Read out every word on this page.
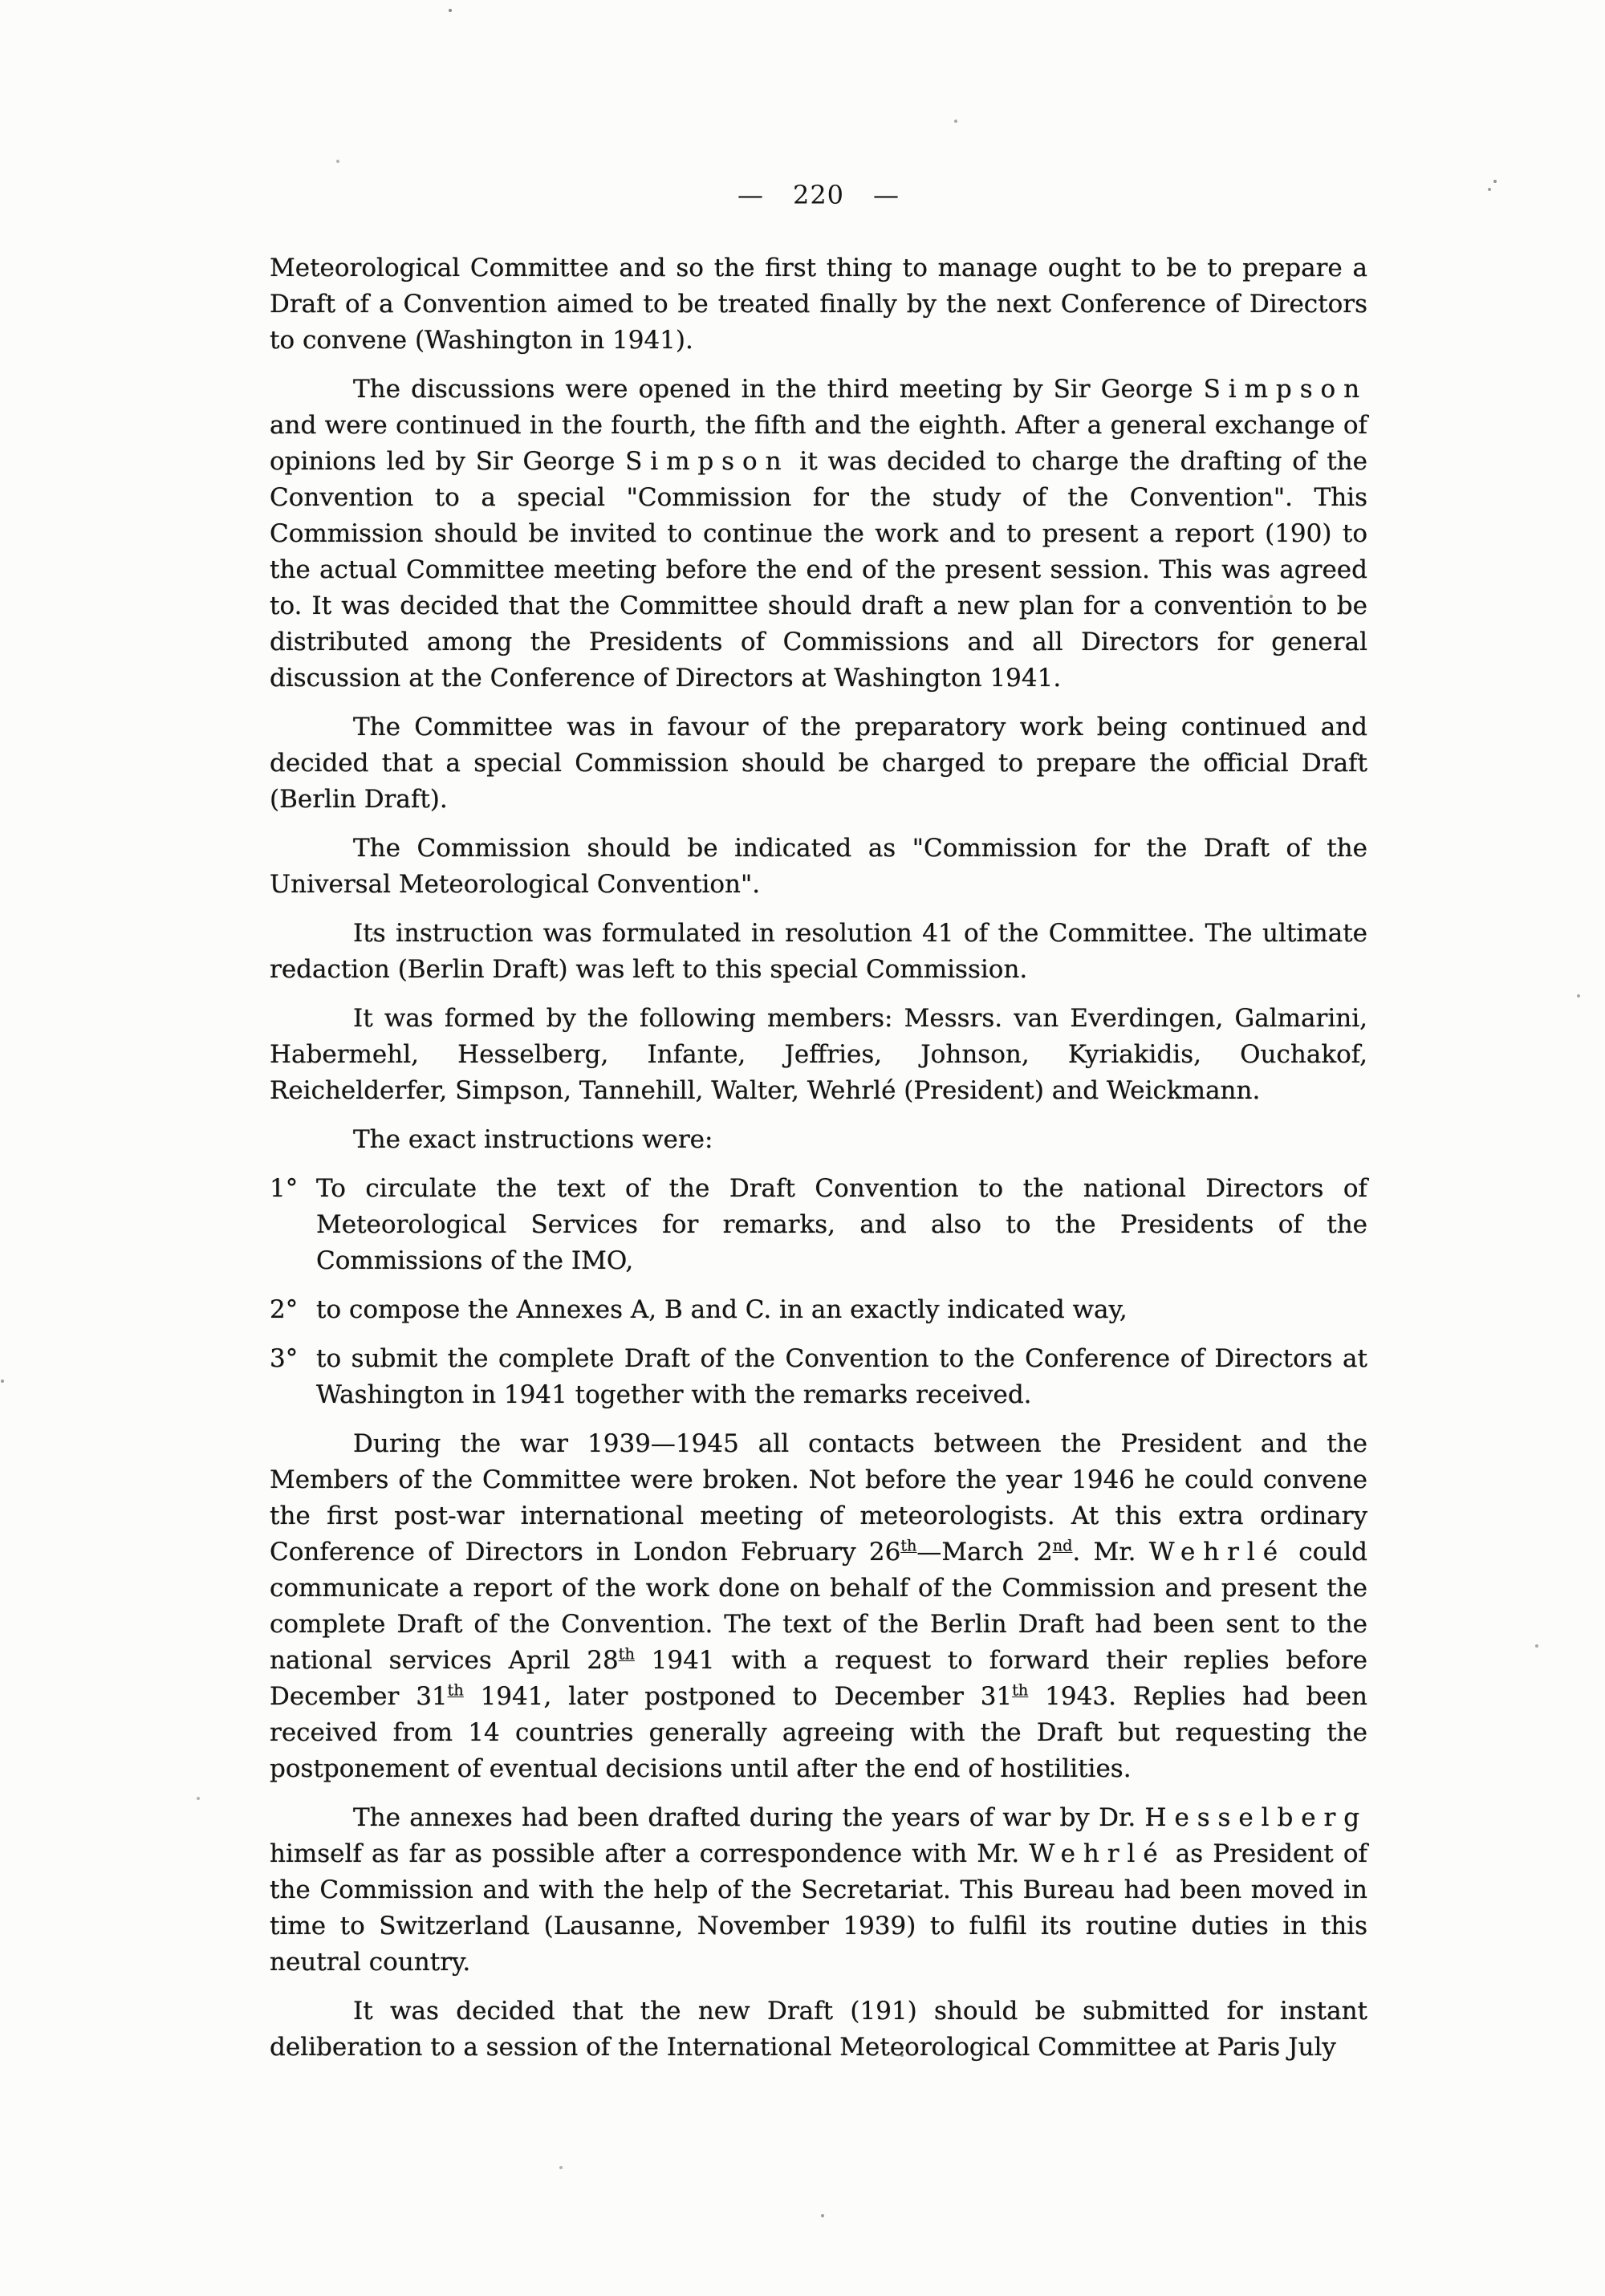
— 220 —

Meteorological Committee and so the first thing to manage ought to be to prepare a Draft of a Convention aimed to be treated finally by the next Conference of Directors to convene (Washington in 1941).

The discussions were opened in the third meeting by Sir George Simpson and were continued in the fourth, the fifth and the eighth. After a general exchange of opinions led by Sir George Simpson it was decided to charge the drafting of the Convention to a special "Commission for the study of the Convention". This Commission should be invited to continue the work and to present a report (190) to the actual Committee meeting before the end of the present session. This was agreed to. It was decided that the Committee should draft a new plan for a convention to be distributed among the Presidents of Commissions and all Directors for general discussion at the Conference of Directors at Washington 1941.

The Committee was in favour of the preparatory work being continued and decided that a special Commission should be charged to prepare the official Draft (Berlin Draft).

The Commission should be indicated as "Commission for the Draft of the Universal Meteorological Convention".

Its instruction was formulated in resolution 41 of the Committee. The ultimate redaction (Berlin Draft) was left to this special Commission.

It was formed by the following members: Messrs. van Everdingen, Galmarini, Habermehl, Hesselberg, Infante, Jeffries, Johnson, Kyriakidis, Ouchakof, Reichelderfer, Simpson, Tannehill, Walter, Wehrlé (President) and Weickmann.

The exact instructions were:

1° To circulate the text of the Draft Convention to the national Directors of Meteorological Services for remarks, and also to the Presidents of the Commissions of the IMO,
2° to compose the Annexes A, B and C. in an exactly indicated way,
3° to submit the complete Draft of the Convention to the Conference of Directors at Washington in 1941 together with the remarks received.

During the war 1939—1945 all contacts between the President and the Members of the Committee were broken. Not before the year 1946 he could convene the first post-war international meeting of meteorologists. At this extra ordinary Conference of Directors in London February 26th—March 2nd. Mr. Wehrlé could communicate a report of the work done on behalf of the Commission and present the complete Draft of the Convention. The text of the Berlin Draft had been sent to the national services April 28th 1941 with a request to forward their replies before December 31th 1941, later postponed to December 31th 1943. Replies had been received from 14 countries generally agreeing with the Draft but requesting the postponement of eventual decisions until after the end of hostilities.

The annexes had been drafted during the years of war by Dr. Hesselberg himself as far as possible after a correspondence with Mr. Wehrlé as President of the Commission and with the help of the Secretariat. This Bureau had been moved in time to Switzerland (Lausanne, November 1939) to fulfil its routine duties in this neutral country.

It was decided that the new Draft (191) should be submitted for instant deliberation to a session of the International Meteorological Committee at Paris July
